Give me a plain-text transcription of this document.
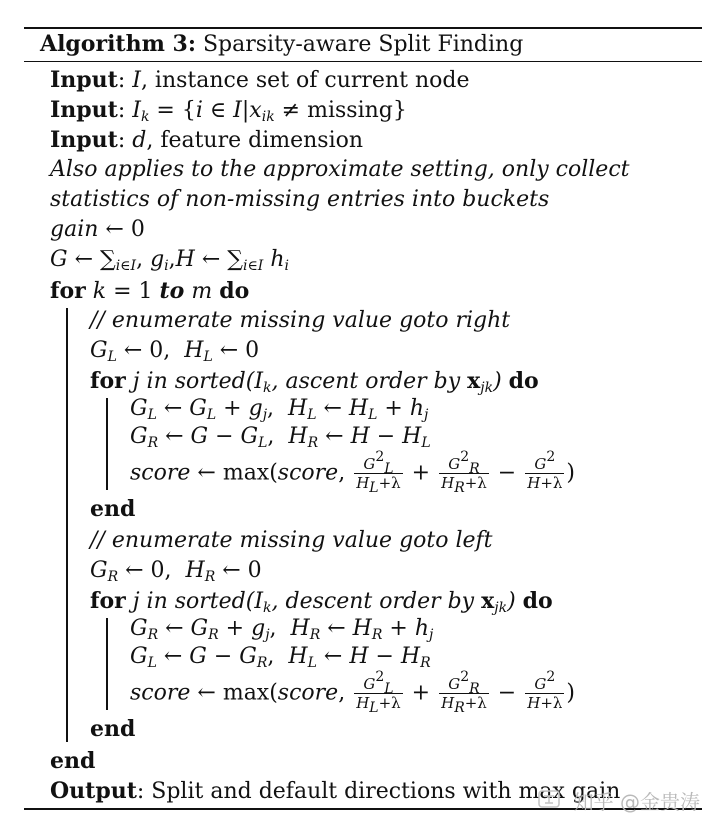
Algorithm 3: Sparsity-aware Split Finding
Input: I, instance set of current node
Input: $I_k = \{i$ ∈ $I|x_{ik} \ne missing$}
Input: d, feature dimension
Also applies to the approximate setting, only collect
statistics of non-missing entries into buckets
gain ← 0
G ← $\sum_{i\in I}$, $g_i,H$ ← $\sum_{i\in I}$ $h_i$
for k = 1 to m do
// enumerate missing value goto right
$G_L$ ← 0,  $H_L$ ← 0
for j in $sorted(I_k$, ascent order by $x_{jk}$) do
$G_L$ ← $G_L + g_j$,  $H_L$ ← $H_L + h_j$
$G_R$ ← $G - G_L$,  $H_R$ ← $H - H_L$
score ← max(score, $\frac{G^2_L}{H_L+\lambda} + \frac{G^2_R}{H_R+\lambda} - \frac{G^2}{H+\lambda}$ )
end
// enumerate missing value goto left
$G_R$ ← 0,  $H_R$ ← 0
for j in $sorted(I_k$, descent order by $x_{jk}$) do
$G_R$ ← $G_R + g_j$,  $H_R$ ← $H_R + h_j$
$G_L$ ← $G - G_R$,  $H_L$ ← $H - H_R$
score ← max(score, $\frac{G^2_L}{H_L+\lambda} + \frac{G^2_R}{H_R+\lambda} - \frac{G^2}{H+\lambda}$ )
end
end
Output: Split and default directions with max gain
知乎 @金贵涛
